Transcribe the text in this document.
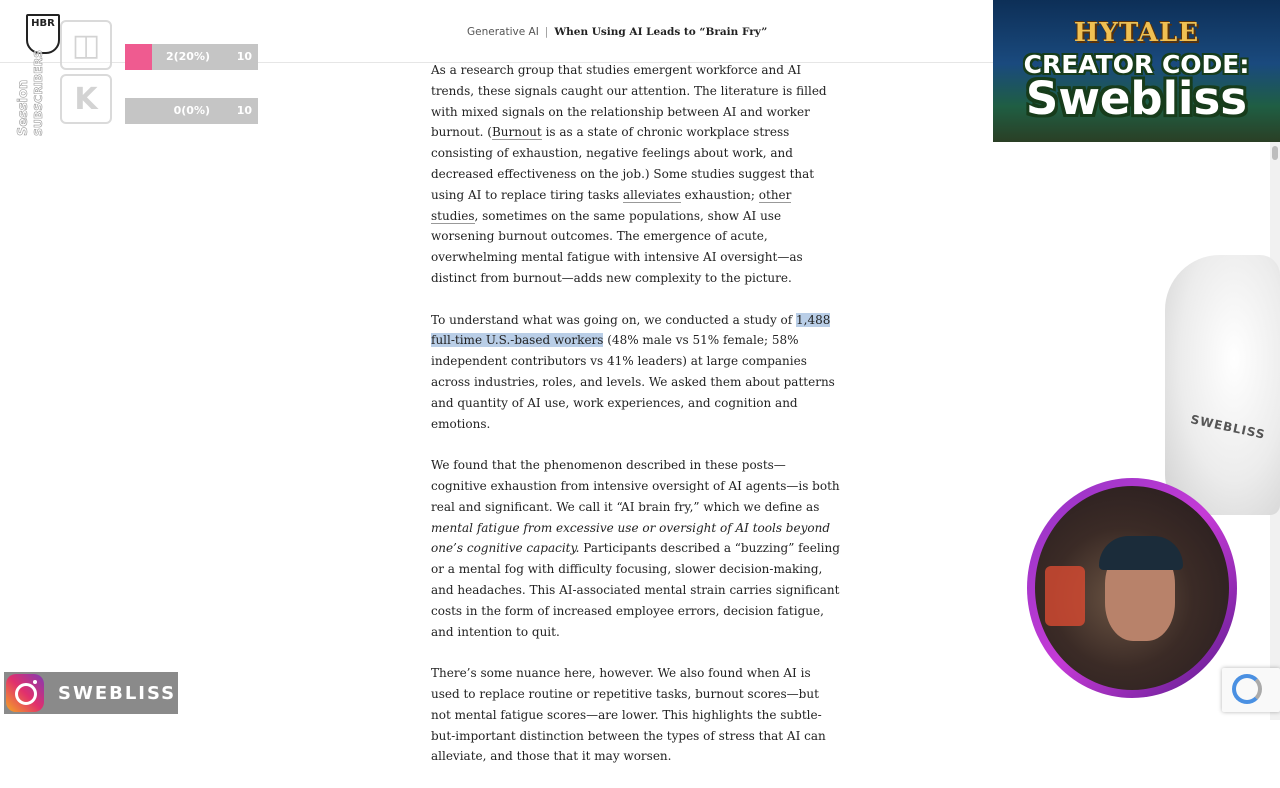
HBR
Generative AI | When Using AI Leads to “Brain Fry”

As a research group that studies emergent workforce and AI trends, these signals caught our attention. The literature is filled with mixed signals on the relationship between AI and worker burnout. (Burnout is as a state of chronic workplace stress consisting of exhaustion, negative feelings about work, and decreased effectiveness on the job.) Some studies suggest that using AI to replace tiring tasks alleviates exhaustion; other studies, sometimes on the same populations, show AI use worsening burnout outcomes. The emergence of acute, overwhelming mental fatigue with intensive AI oversight—as distinct from burnout—adds new complexity to the picture.

To understand what was going on, we conducted a study of 1,488 full-time U.S.-based workers (48% male vs 51% female; 58% independent contributors vs 41% leaders) at large companies across industries, roles, and levels. We asked them about patterns and quantity of AI use, work experiences, and cognition and emotions.

We found that the phenomenon described in these posts—cognitive exhaustion from intensive oversight of AI agents—is both real and significant. We call it “AI brain fry,” which we define as mental fatigue from excessive use or oversight of AI tools beyond one’s cognitive capacity. Participants described a “buzzing” feeling or a mental fog with difficulty focusing, slower decision-making, and headaches. This AI-associated mental strain carries significant costs in the form of increased employee errors, decision fatigue, and intention to quit.

There’s some nuance here, however. We also found when AI is used to replace routine or repetitive tasks, burnout scores—but not mental fatigue scores—are lower. This highlights the subtle-but-important distinction between the types of stress that AI can alleviate, and those that it may worsen.

Session SUBSCRIBERS
◫	2(20%) 10
K	0(0%) 10
HYTALE
CREATOR CODE:
Swebliss
SWEBLISS
SWEBLISS
